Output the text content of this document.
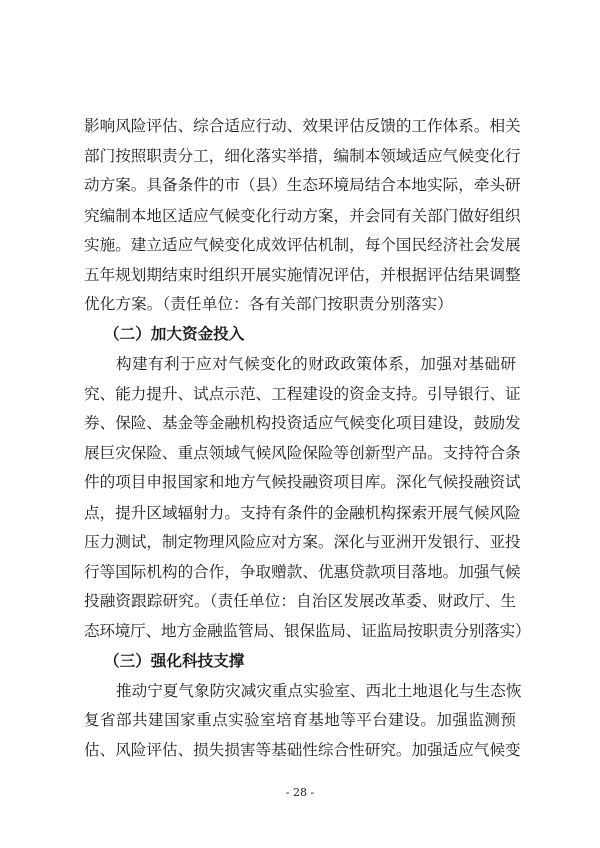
影响风险评估、综合适应行动、效果评估反馈的工作体系。相关
部门按照职责分工，细化落实举措，编制本领域适应气候变化行
动方案。具备条件的市（县）生态环境局结合本地实际，牵头研
究编制本地区适应气候变化行动方案，并会同有关部门做好组织
实施。建立适应气候变化成效评估机制，每个国民经济社会发展
五年规划期结束时组织开展实施情况评估，并根据评估结果调整
优化方案。（责任单位：各有关部门按职责分别落实）
（二）加大资金投入
构建有利于应对气候变化的财政政策体系，加强对基础研
究、能力提升、试点示范、工程建设的资金支持。引导银行、证
券、保险、基金等金融机构投资适应气候变化项目建设，鼓励发
展巨灾保险、重点领域气候风险保险等创新型产品。支持符合条
件的项目申报国家和地方气候投融资项目库。深化气候投融资试
点，提升区域辐射力。支持有条件的金融机构探索开展气候风险
压力测试，制定物理风险应对方案。深化与亚洲开发银行、亚投
行等国际机构的合作，争取赠款、优惠贷款项目落地。加强气候
投融资跟踪研究。（责任单位：自治区发展改革委、财政厅、生
态环境厅、地方金融监管局、银保监局、证监局按职责分别落实）
（三）强化科技支撑
推动宁夏气象防灾减灾重点实验室、西北土地退化与生态恢
复省部共建国家重点实验室培育基地等平台建设。加强监测预
估、风险评估、损失损害等基础性综合性研究。加强适应气候变
- 28 -
